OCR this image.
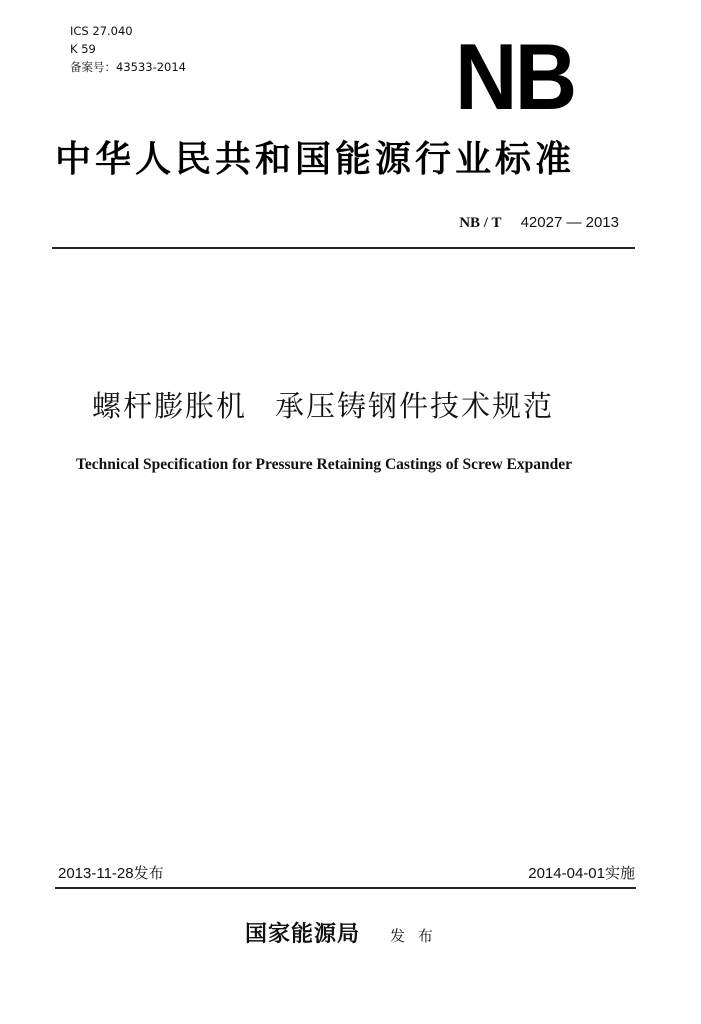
ICS 27.040
K 59
备案号：43533-2014	NB
中华人民共和国能源行业标准
NB / T 42027 — 2013
螺杆膨胀机 承压铸钢件技术规范
Technical Specification for Pressure Retaining Castings of Screw Expander
2013-11-28发布	2014-04-01实施
国家能源局 发 布
